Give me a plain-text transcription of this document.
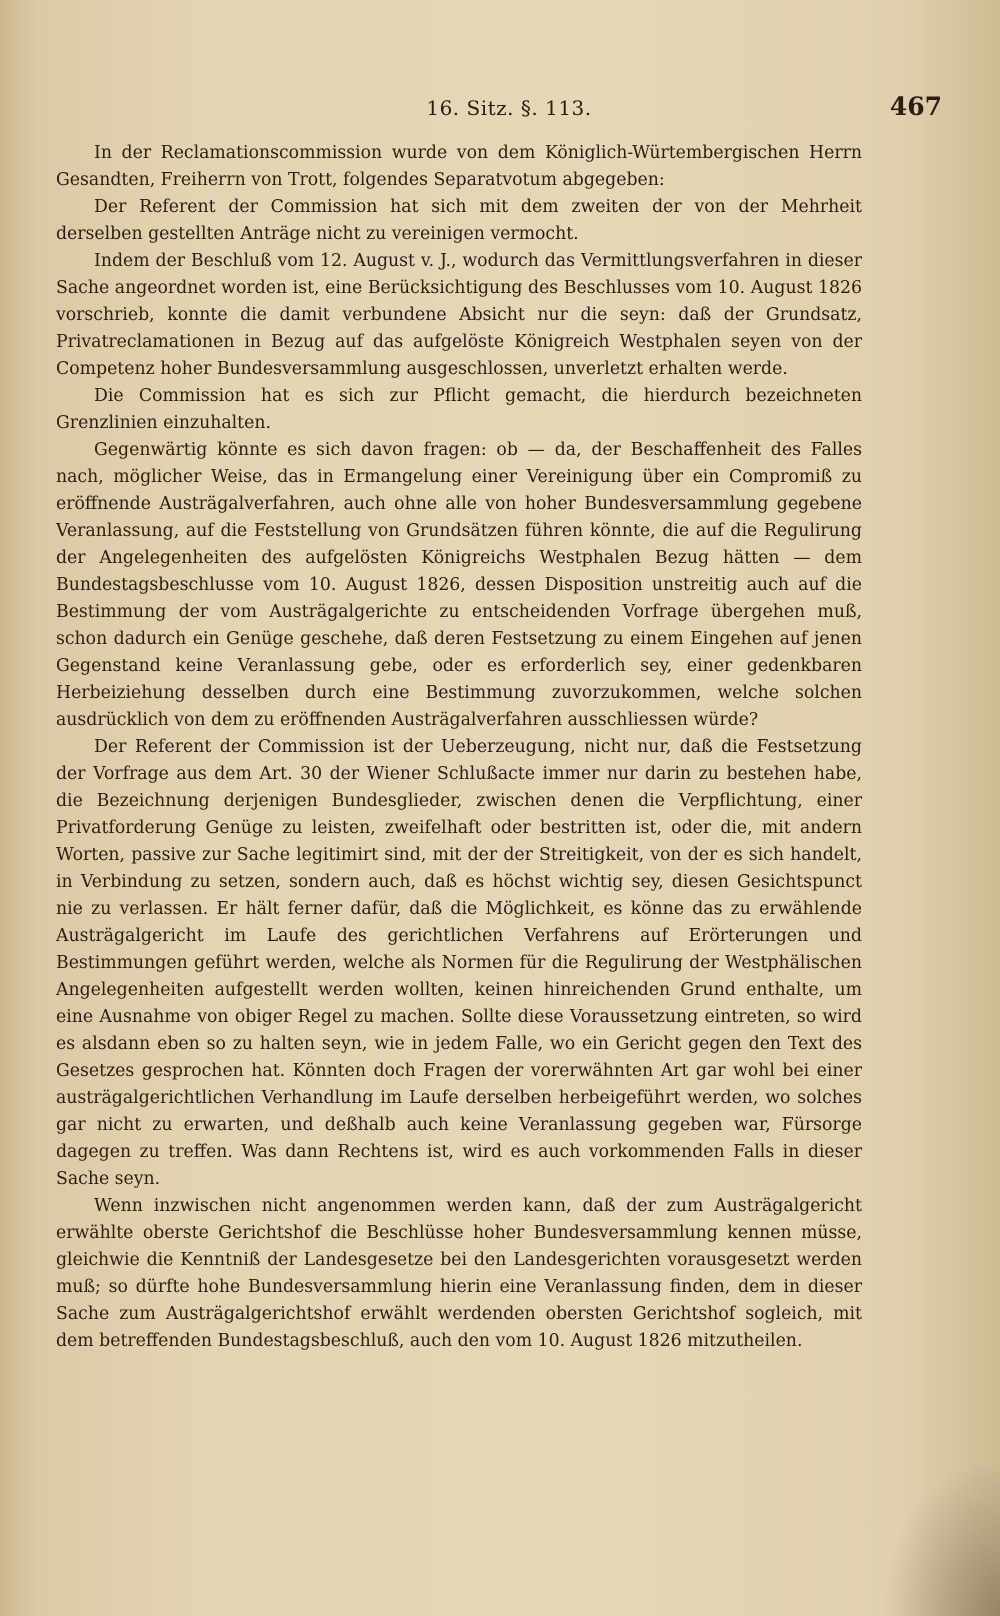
16. Sitz. §. 113.	467

In der Reclamationscommission wurde von dem Königlich-Würtembergischen Herrn Gesandten, Freiherrn von Trott, folgendes Separatvotum abgegeben:

Der Referent der Commission hat sich mit dem zweiten der von der Mehrheit derselben gestellten Anträge nicht zu vereinigen vermocht.

Indem der Beschluß vom 12. August v. J., wodurch das Vermittlungsverfahren in dieser Sache angeordnet worden ist, eine Berücksichtigung des Beschlusses vom 10. August 1826 vorschrieb, konnte die damit verbundene Absicht nur die seyn: daß der Grundsatz, Privatreclamationen in Bezug auf das aufgelöste Königreich Westphalen seyen von der Competenz hoher Bundesversammlung ausgeschlossen, unverletzt erhalten werde.

Die Commission hat es sich zur Pflicht gemacht, die hierdurch bezeichneten Grenzlinien einzuhalten.

Gegenwärtig könnte es sich davon fragen: ob — da, der Beschaffenheit des Falles nach, möglicher Weise, das in Ermangelung einer Vereinigung über ein Compromiß zu eröffnende Austrägalverfahren, auch ohne alle von hoher Bundesversammlung gegebene Veranlassung, auf die Feststellung von Grundsätzen führen könnte, die auf die Regulirung der Angelegenheiten des aufgelösten Königreichs Westphalen Bezug hätten — dem Bundestagsbeschlusse vom 10. August 1826, dessen Disposition unstreitig auch auf die Bestimmung der vom Austrägalgerichte zu entscheidenden Vorfrage übergehen muß, schon dadurch ein Genüge geschehe, daß deren Festsetzung zu einem Eingehen auf jenen Gegenstand keine Veranlassung gebe, oder es erforderlich sey, einer gedenkbaren Herbeiziehung desselben durch eine Bestimmung zuvorzukommen, welche solchen ausdrücklich von dem zu eröffnenden Austrägalverfahren ausschliessen würde?

Der Referent der Commission ist der Ueberzeugung, nicht nur, daß die Festsetzung der Vorfrage aus dem Art. 30 der Wiener Schlußacte immer nur darin zu bestehen habe, die Bezeichnung derjenigen Bundesglieder, zwischen denen die Verpflichtung, einer Privatforderung Genüge zu leisten, zweifelhaft oder bestritten ist, oder die, mit andern Worten, passive zur Sache legitimirt sind, mit der der Streitigkeit, von der es sich handelt, in Verbindung zu setzen, sondern auch, daß es höchst wichtig sey, diesen Gesichtspunct nie zu verlassen. Er hält ferner dafür, daß die Möglichkeit, es könne das zu erwählende Austrägalgericht im Laufe des gerichtlichen Verfahrens auf Erörterungen und Bestimmungen geführt werden, welche als Normen für die Regulirung der Westphälischen Angelegenheiten aufgestellt werden wollten, keinen hinreichenden Grund enthalte, um eine Ausnahme von obiger Regel zu machen. Sollte diese Voraussetzung eintreten, so wird es alsdann eben so zu halten seyn, wie in jedem Falle, wo ein Gericht gegen den Text des Gesetzes gesprochen hat. Könnten doch Fragen der vorerwähnten Art gar wohl bei einer austrägalgerichtlichen Verhandlung im Laufe derselben herbeigeführt werden, wo solches gar nicht zu erwarten, und deßhalb auch keine Veranlassung gegeben war, Fürsorge dagegen zu treffen. Was dann Rechtens ist, wird es auch vorkommenden Falls in dieser Sache seyn.

Wenn inzwischen nicht angenommen werden kann, daß der zum Austrägalgericht erwählte oberste Gerichtshof die Beschlüsse hoher Bundesversammlung kennen müsse, gleichwie die Kenntniß der Landesgesetze bei den Landesgerichten vorausgesetzt werden muß; so dürfte hohe Bundesversammlung hierin eine Veranlassung finden, dem in dieser Sache zum Austrägalgerichtshof erwählt werdenden obersten Gerichtshof sogleich, mit dem betreffenden Bundestagsbeschluß, auch den vom 10. August 1826 mitzutheilen.
